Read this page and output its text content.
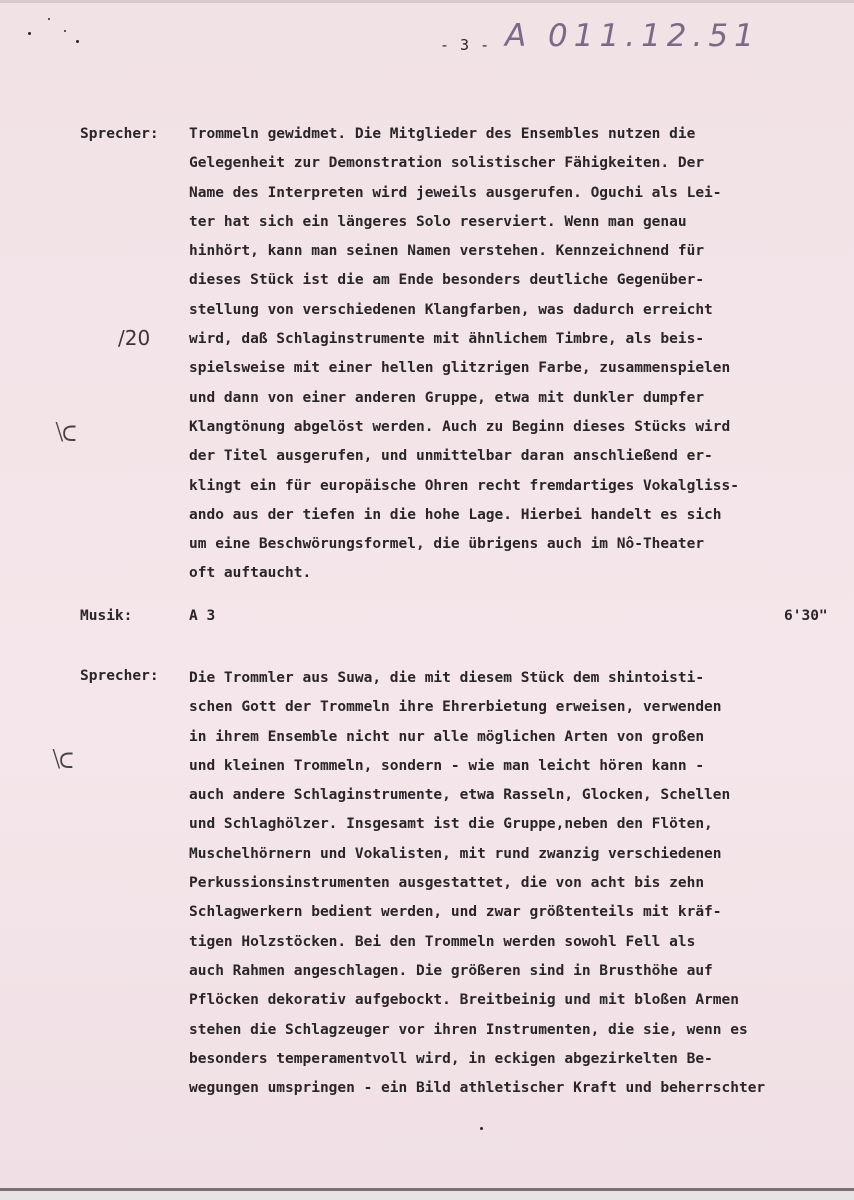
- 3 - A 011.12.51
/20
⟈
⟈
Sprecher: Trommeln gewidmet. Die Mitglieder des Ensembles nutzen die
Gelegenheit zur Demonstration solistischer Fähigkeiten. Der
Name des Interpreten wird jeweils ausgerufen. Oguchi als Lei-
ter hat sich ein längeres Solo reserviert. Wenn man genau
hinhört, kann man seinen Namen verstehen. Kennzeichnend für
dieses Stück ist die am Ende besonders deutliche Gegenüber-
stellung von verschiedenen Klangfarben, was dadurch erreicht
wird, daß Schlaginstrumente mit ähnlichem Timbre, als beis-
spielsweise mit einer hellen glitzrigen Farbe, zusammenspielen
und dann von einer anderen Gruppe, etwa mit dunkler dumpfer
Klangtönung abgelöst werden. Auch zu Beginn dieses Stücks wird
der Titel ausgerufen, und unmittelbar daran anschließend er-
klingt ein für europäische Ohren recht fremdartiges Vokalgliss-
ando aus der tiefen in die hohe Lage. Hierbei handelt es sich
um eine Beschwörungsformel, die übrigens auch im Nô-Theater
oft auftaucht.
Musik:	A 3	6'30"
Sprecher: Die Trommler aus Suwa, die mit diesem Stück dem shintoisti-
schen Gott der Trommeln ihre Ehrerbietung erweisen, verwenden
in ihrem Ensemble nicht nur alle möglichen Arten von großen
und kleinen Trommeln, sondern - wie man leicht hören kann -
auch andere Schlaginstrumente, etwa Rasseln, Glocken, Schellen
und Schlaghölzer. Insgesamt ist die Gruppe,neben den Flöten,
Muschelhörnern und Vokalisten, mit rund zwanzig verschiedenen
Perkussionsinstrumenten ausgestattet, die von acht bis zehn
Schlagwerkern bedient werden, und zwar größtenteils mit kräf-
tigen Holzstöcken. Bei den Trommeln werden sowohl Fell als
auch Rahmen angeschlagen. Die größeren sind in Brusthöhe auf
Pflöcken dekorativ aufgebockt. Breitbeinig und mit bloßen Armen
stehen die Schlagzeuger vor ihren Instrumenten, die sie, wenn es
besonders temperamentvoll wird, in eckigen abgezirkelten Be-
wegungen umspringen - ein Bild athletischer Kraft und beherrschter
